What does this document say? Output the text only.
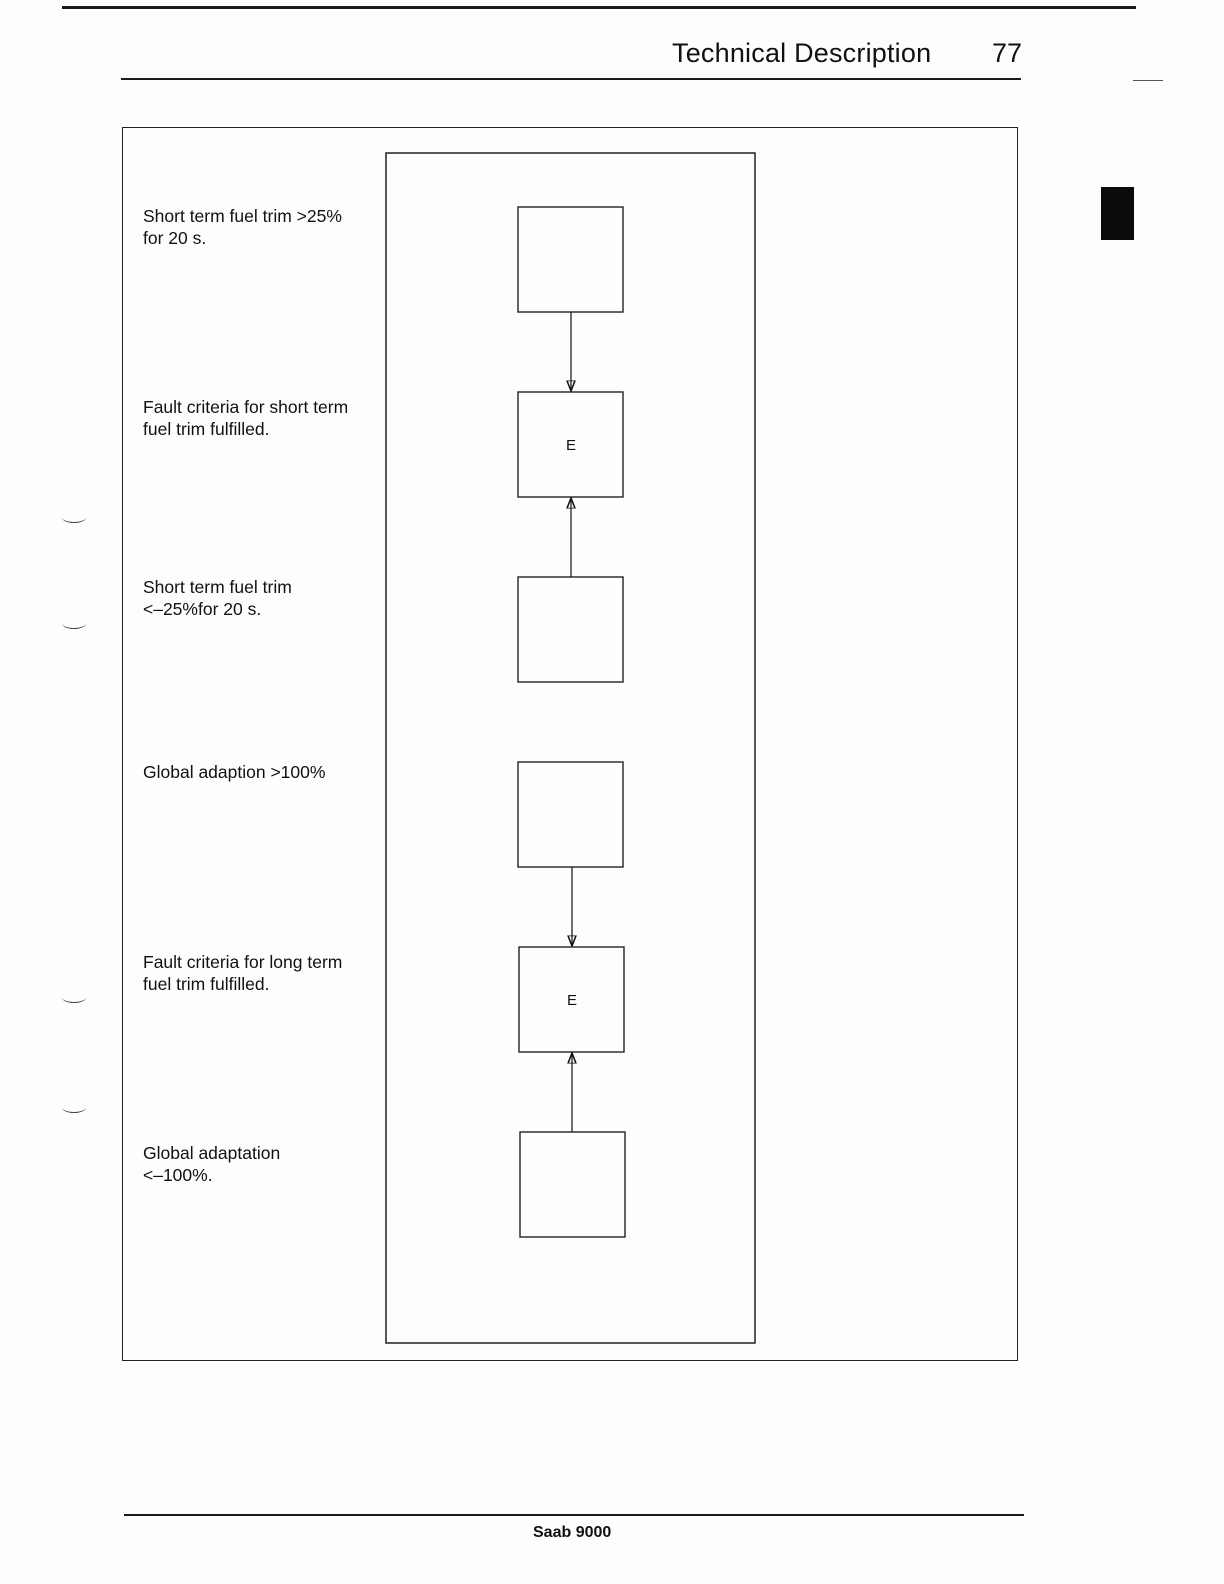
Technical Description 77
Short term fuel trim >25%
for 20 s.
Fault criteria for short term
fuel trim fulfilled.
Short term fuel trim
<–25%for 20 s.
Global adaption >100%
Fault criteria for long term
fuel trim fulfilled.
Global adaptation
<–100%.
E
E
Saab 9000
